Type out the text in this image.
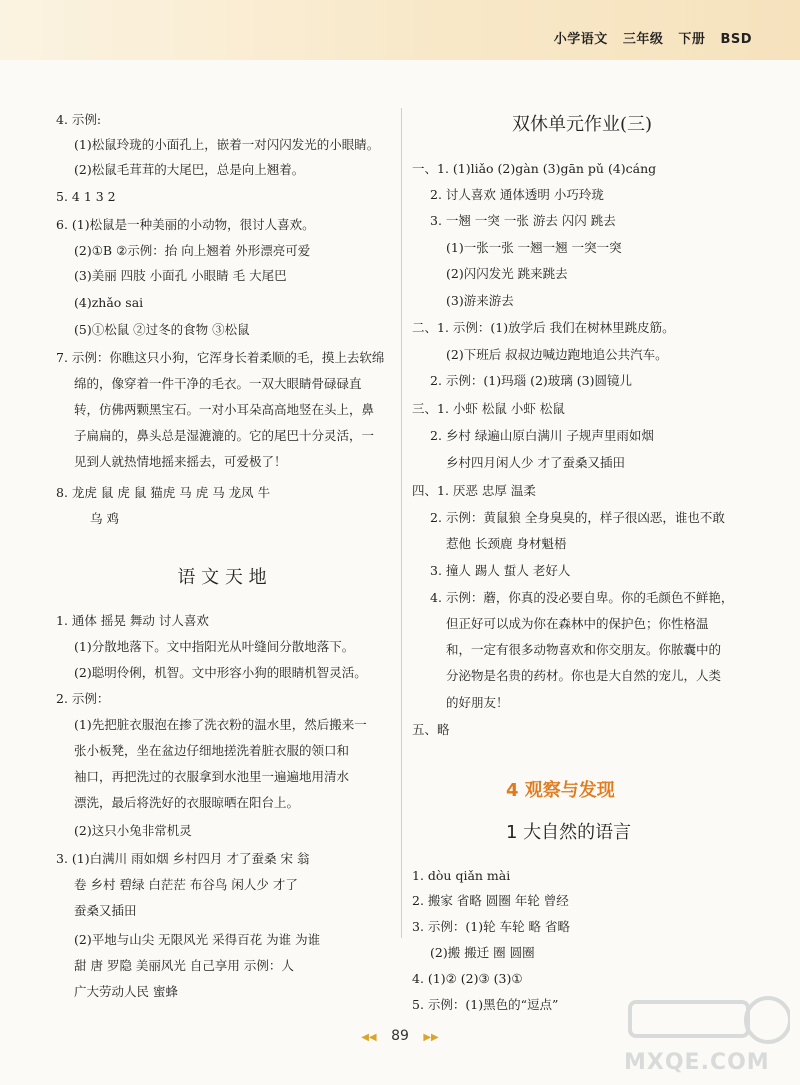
小学语文 三年级 下册 BSD
4. 示例:
(1)松鼠玲珑的小面孔上，嵌着一对闪闪发光的小眼睛。
(2)松鼠毛茸茸的大尾巴，总是向上翘着。
5. 4 1 3 2
6. (1)松鼠是一种美丽的小动物，很讨人喜欢。
(2)①B ②示例：抬 向上翘着 外形漂亮可爱
(3)美丽 四肢 小面孔 小眼睛 毛 大尾巴
(4)zhǎo sai
(5)①松鼠 ②过冬的食物 ③松鼠
7. 示例：你瞧这只小狗，它浑身长着柔顺的毛，摸上去软绵
绵的，像穿着一件干净的毛衣。一双大眼睛骨碌碌直
转，仿佛两颗黑宝石。一对小耳朵高高地竖在头上，鼻
子扁扁的，鼻头总是湿漉漉的。它的尾巴十分灵活，一
见到人就热情地摇来摇去，可爱极了！
8. 龙虎 鼠 虎 鼠 猫虎 马 虎 马 龙凤 牛
乌 鸡
语 文 天 地
1. 通体 摇晃 舞动 讨人喜欢
(1)分散地落下。文中指阳光从叶缝间分散地落下。
(2)聪明伶俐，机智。文中形容小狗的眼睛机智灵活。
2. 示例：
(1)先把脏衣服泡在掺了洗衣粉的温水里，然后搬来一
张小板凳，坐在盆边仔细地搓洗着脏衣服的领口和
袖口，再把洗过的衣服拿到水池里一遍遍地用清水
漂洗，最后将洗好的衣服晾晒在阳台上。
(2)这只小兔非常机灵
3. (1)白满川 雨如烟 乡村四月 才了蚕桑 宋 翁
卷 乡村 碧绿 白茫茫 布谷鸟 闲人少 才了
蚕桑又插田
(2)平地与山尖 无限风光 采得百花 为谁 为谁
甜 唐 罗隐 美丽风光 自己享用 示例：人
广大劳动人民 蜜蜂
双休单元作业(三)
一、1. (1)liǎo (2)gàn (3)gān pǔ (4)cáng
2. 讨人喜欢 通体透明 小巧玲珑
3. 一翘 一突 一张 游去 闪闪 跳去
(1)一张一张 一翘一翘 一突一突
(2)闪闪发光 跳来跳去
(3)游来游去
二、1. 示例：(1)放学后 我们在树林里跳皮筋。
(2)下班后 叔叔边喊边跑地追公共汽车。
2. 示例：(1)玛瑙 (2)玻璃 (3)圆镜儿
三、1. 小虾 松鼠 小虾 松鼠
2. 乡村 绿遍山原白满川 子规声里雨如烟
乡村四月闲人少 才了蚕桑又插田
四、1. 厌恶 忠厚 温柔
2. 示例：黄鼠狼 全身臭臭的，样子很凶恶，谁也不敢
惹他 长颈鹿 身材魁梧
3. 撞人 踢人 蜇人 老好人
4. 示例：蘑，你真的没必要自卑。你的毛颜色不鲜艳，
但正好可以成为你在森林中的保护色；你性格温
和，一定有很多动物喜欢和你交朋友。你脓囊中的
分泌物是名贵的药材。你也是大自然的宠儿，人类
的好朋友！
五、略
4 观察与发现
1 大自然的语言
1. dòu qiǎn mài
2. 搬家 省略 圆圈 年轮 曾经
3. 示例：(1)轮 车轮 略 省略
(2)搬 搬迁 圈 圆圈
4. (1)② (2)③ (3)①
5. 示例：(1)黑色的“逗点”
◀◀ 89 ▶▶
MXQE.COM
